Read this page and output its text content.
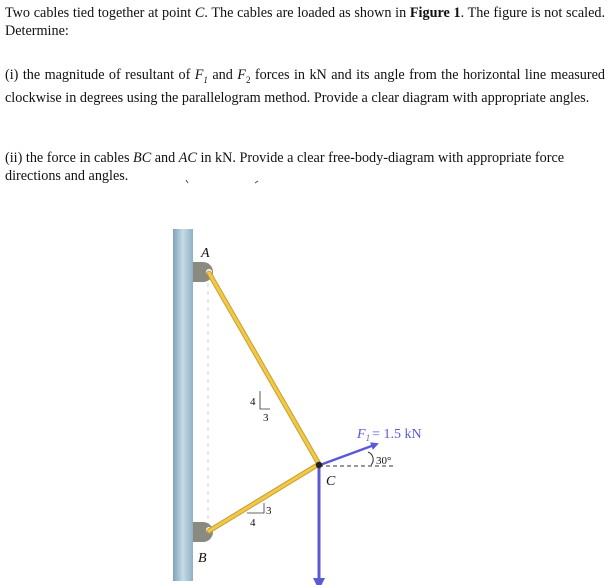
Two cables tied together at point C. The cables are loaded as shown in Figure 1. The figure is not scaled. Determine:

(i) the magnitude of resultant of $F_1$ and $F_2$ forces in kN and its angle from the horizontal line measured clockwise in degrees using the parallelogram method. Provide a clear diagram with appropriate angles.

(ii) the force in cables BC and AC in kN. Provide a clear free-body-diagram with appropriate force directions and angles.

A
B
C
4
3
3
4
$F_1 = 1.5$ kN
30°
